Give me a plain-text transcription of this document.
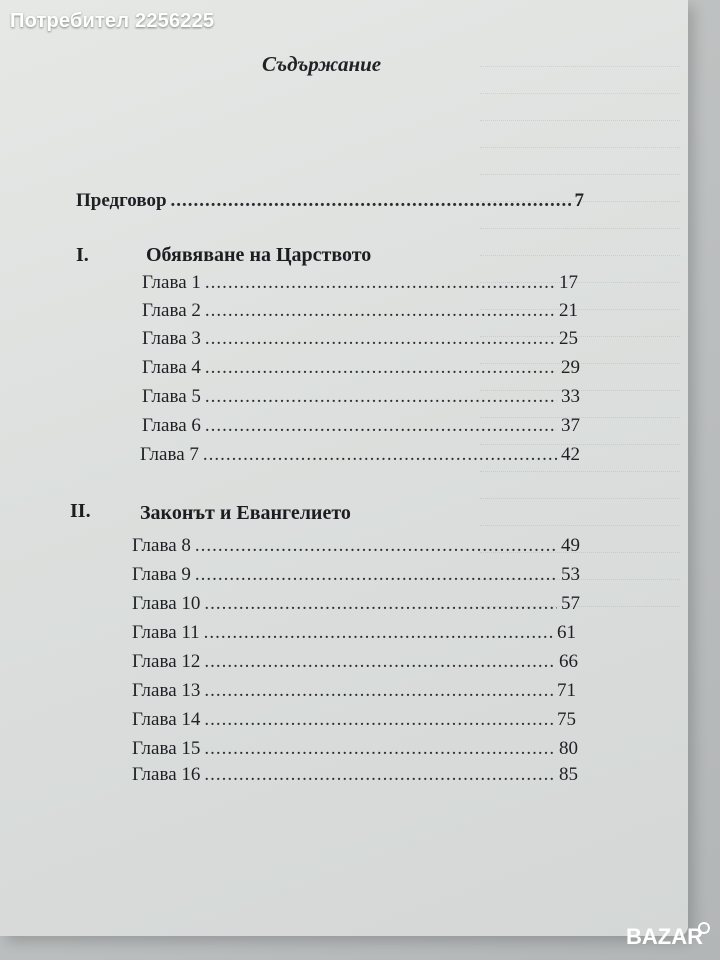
Съдържание
Предговор .....	7
I.	Обявяване на Царството
Глава 1 .....	17
Глава 2 .....	21
Глава 3 .....	25
Глава 4 .....	29
Глава 5 .....	33
Глава 6 .....	37
Глава 7 .....	42
II. Законът и Евангелието
Глава 8 .....	49
Глава 9 .....	53
Глава 10 .....	57
Глава 11 .....	61
Глава 12 .....	66
Глава 13 .....	71
Глава 14 .....	75
Глава 15 .....	80
Глава 16 .....	85
Потребител 2256225
BAZAR
